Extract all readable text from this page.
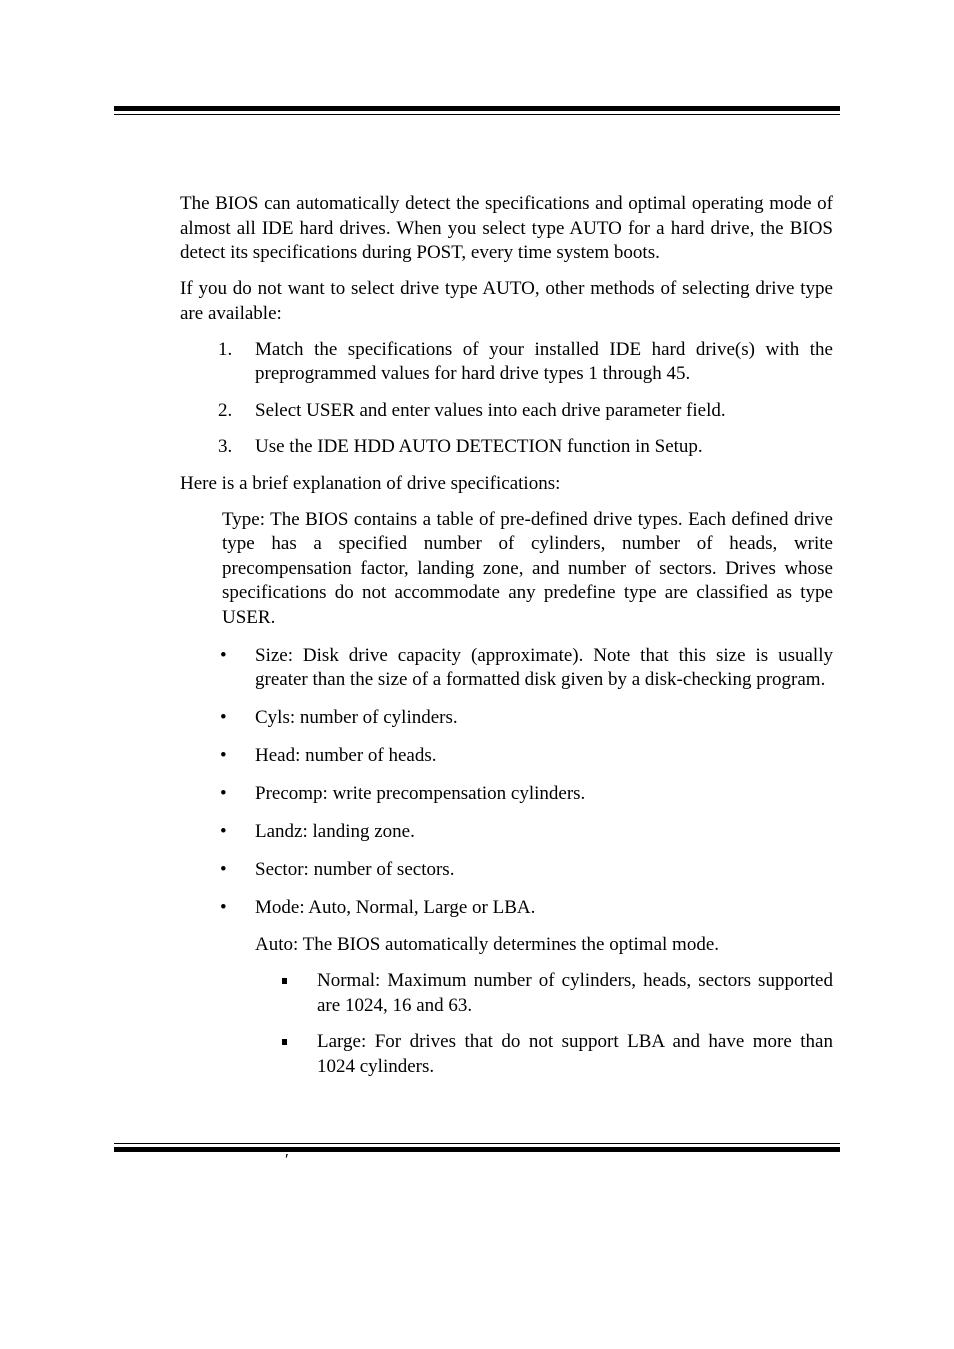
The BIOS can automatically detect the specifications and optimal operating mode of almost all IDE hard drives. When you select type AUTO for a hard drive, the BIOS detect its specifications during POST, every time system boots.

If you do not want to select drive type AUTO, other methods of selecting drive type are available:

1. Match the specifications of your installed IDE hard drive(s) with the preprogrammed values for hard drive types 1 through 45.
2. Select USER and enter values into each drive parameter field.
3. Use the IDE HDD AUTO DETECTION function in Setup.

Here is a brief explanation of drive specifications:

Type: The BIOS contains a table of pre-defined drive types. Each defined drive type has a specified number of cylinders, number of heads, write precompensation factor, landing zone, and number of sectors. Drives whose specifications do not accommodate any predefine type are classified as type USER.

• Size: Disk drive capacity (approximate). Note that this size is usually greater than the size of a formatted disk given by a disk-checking program.
• Cyls: number of cylinders.
• Head: number of heads.
• Precomp: write precompensation cylinders.
• Landz: landing zone.
• Sector: number of sectors.
• Mode: Auto, Normal, Large or LBA.

Auto: The BIOS automatically determines the optimal mode.

Normal: Maximum number of cylinders, heads, sectors supported are 1024, 16 and 63.
Large: For drives that do not support LBA and have more than 1024 cylinders.
′
